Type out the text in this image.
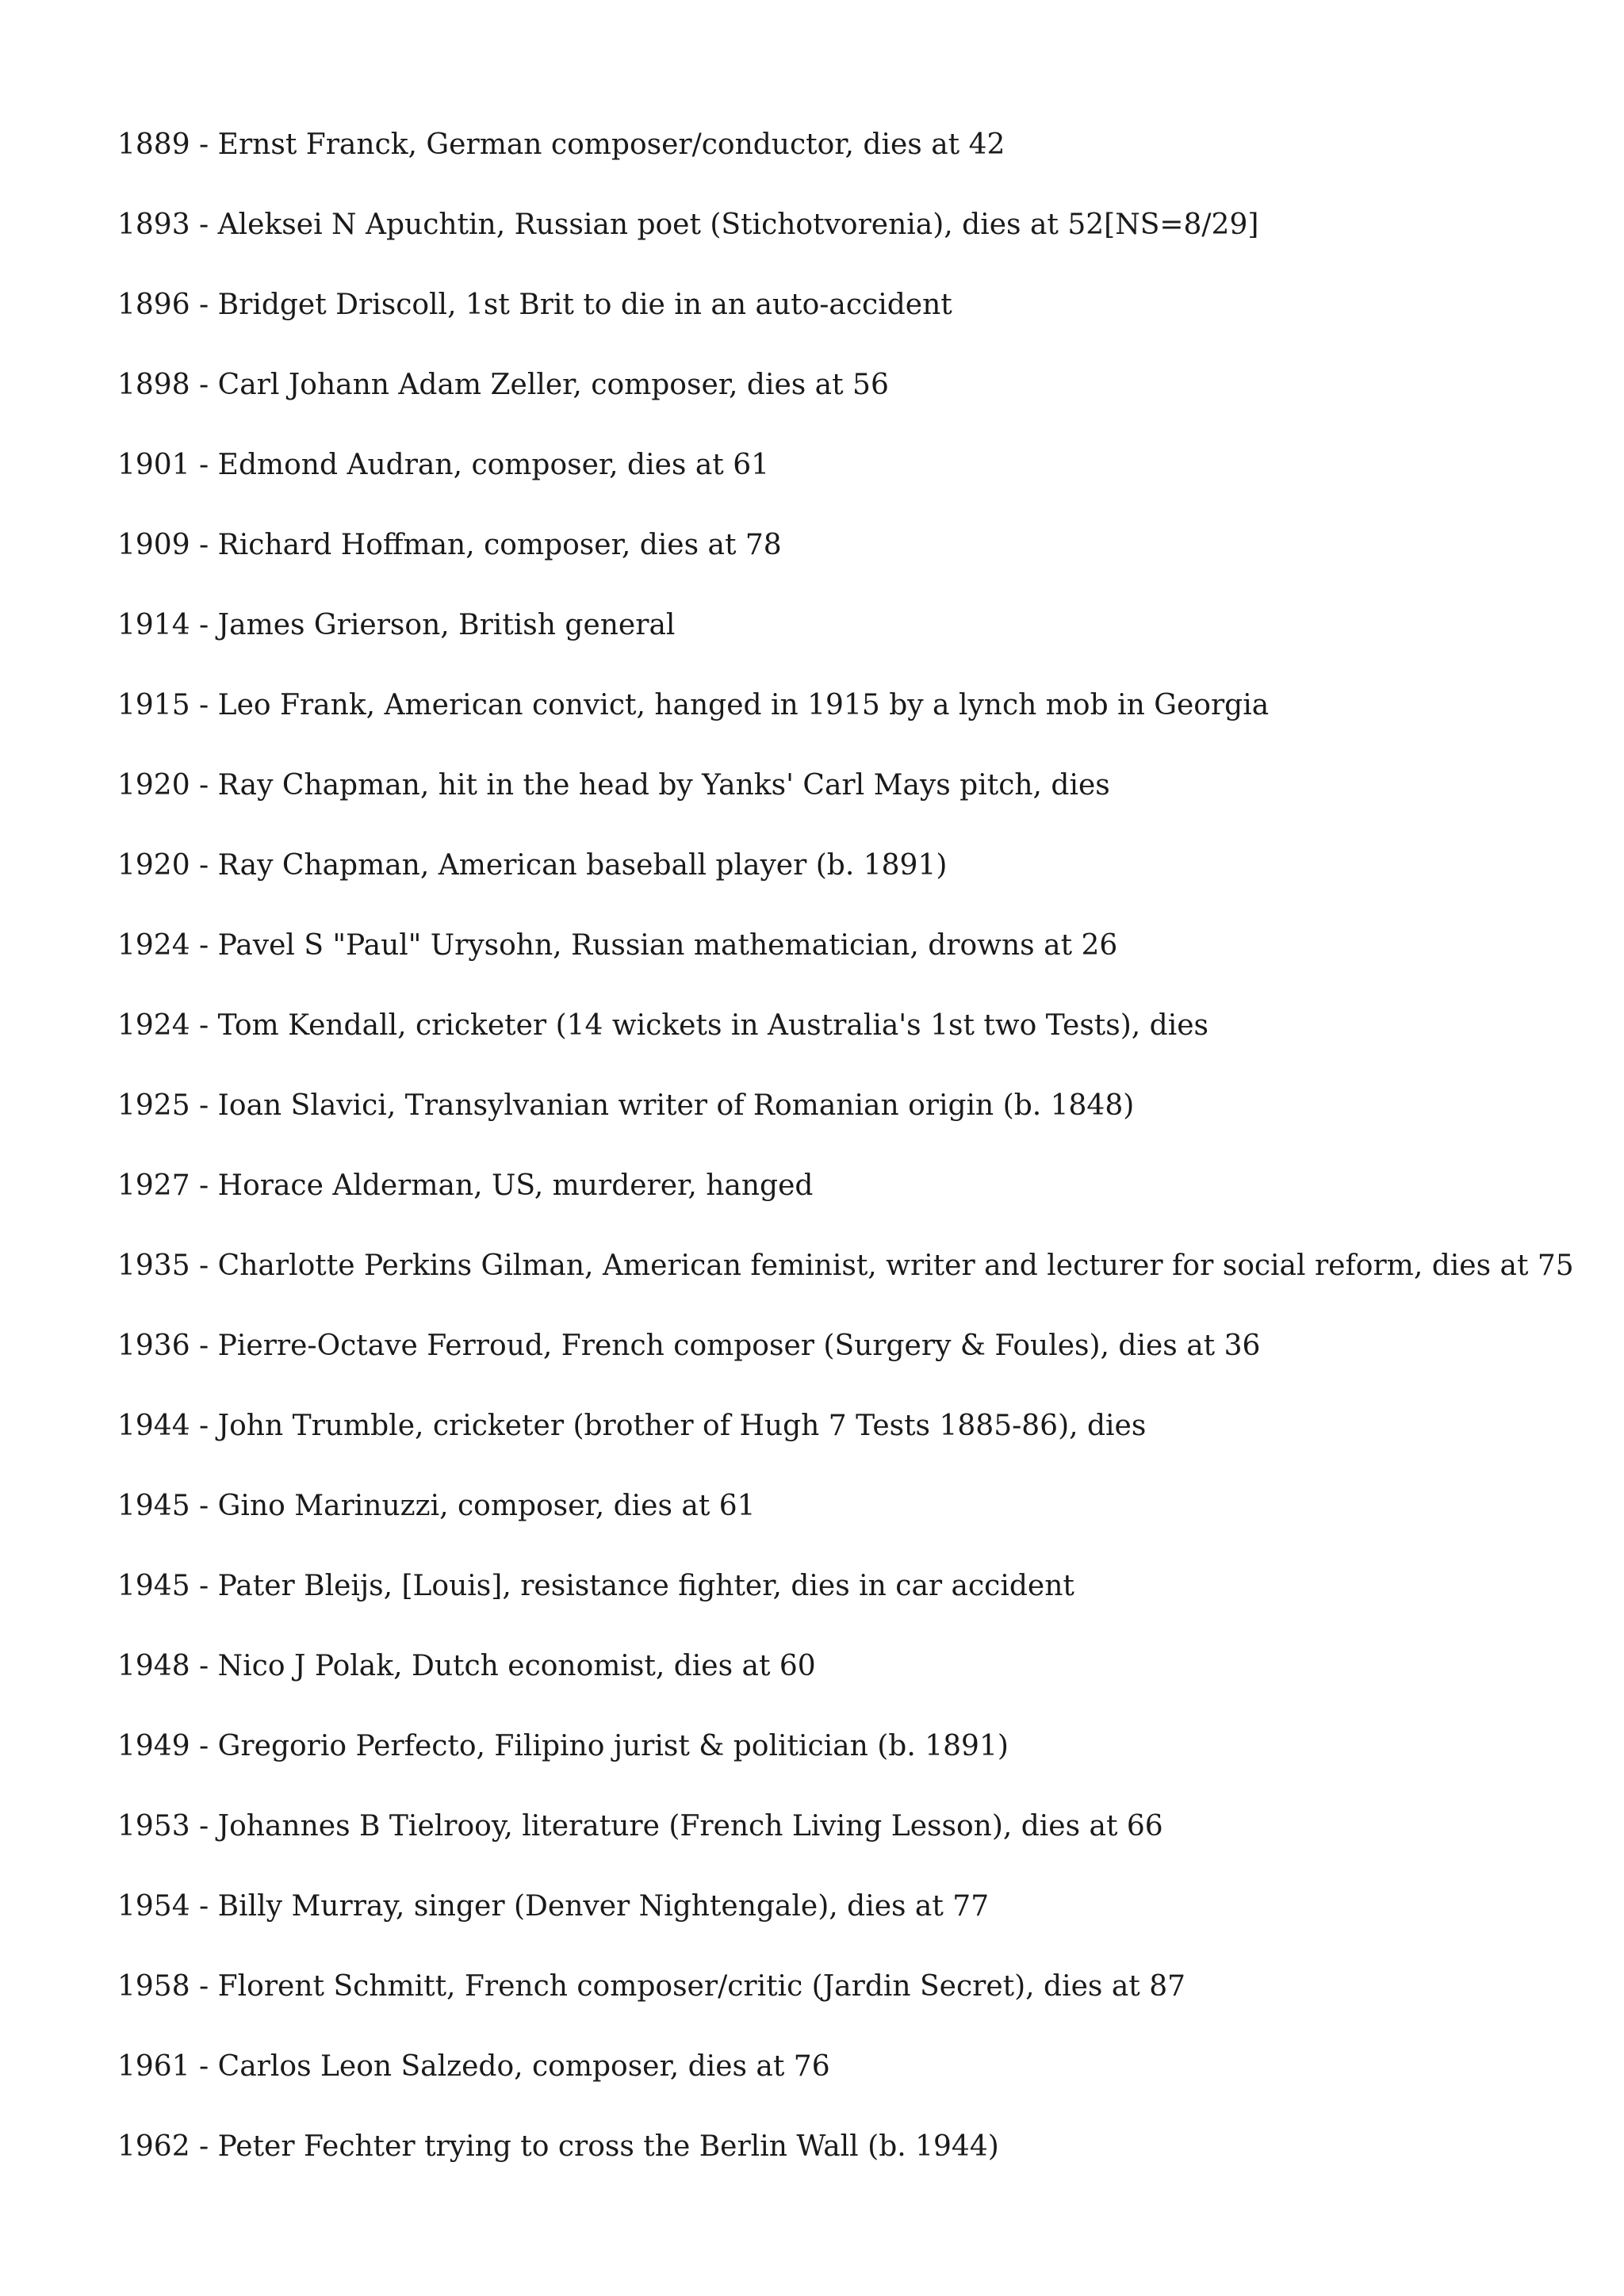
1889 - Ernst Franck, German composer/conductor, dies at 42
1893 - Aleksei N Apuchtin, Russian poet (Stichotvorenia), dies at 52[NS=8/29]
1896 - Bridget Driscoll, 1st Brit to die in an auto-accident
1898 - Carl Johann Adam Zeller, composer, dies at 56
1901 - Edmond Audran, composer, dies at 61
1909 - Richard Hoffman, composer, dies at 78
1914 - James Grierson, British general
1915 - Leo Frank, American convict, hanged in 1915 by a lynch mob in Georgia
1920 - Ray Chapman, hit in the head by Yanks' Carl Mays pitch, dies
1920 - Ray Chapman, American baseball player (b. 1891)
1924 - Pavel S "Paul" Urysohn, Russian mathematician, drowns at 26
1924 - Tom Kendall, cricketer (14 wickets in Australia's 1st two Tests), dies
1925 - Ioan Slavici, Transylvanian writer of Romanian origin (b. 1848)
1927 - Horace Alderman, US, murderer, hanged
1935 - Charlotte Perkins Gilman, American feminist, writer and lecturer for social reform, dies at 75
1936 - Pierre-Octave Ferroud, French composer (Surgery & Foules), dies at 36
1944 - John Trumble, cricketer (brother of Hugh 7 Tests 1885-86), dies
1945 - Gino Marinuzzi, composer, dies at 61
1945 - Pater Bleijs, [Louis], resistance fighter, dies in car accident
1948 - Nico J Polak, Dutch economist, dies at 60
1949 - Gregorio Perfecto, Filipino jurist & politician (b. 1891)
1953 - Johannes B Tielrooy, literature (French Living Lesson), dies at 66
1954 - Billy Murray, singer (Denver Nightengale), dies at 77
1958 - Florent Schmitt, French composer/critic (Jardin Secret), dies at 87
1961 - Carlos Leon Salzedo, composer, dies at 76
1962 - Peter Fechter trying to cross the Berlin Wall (b. 1944)
